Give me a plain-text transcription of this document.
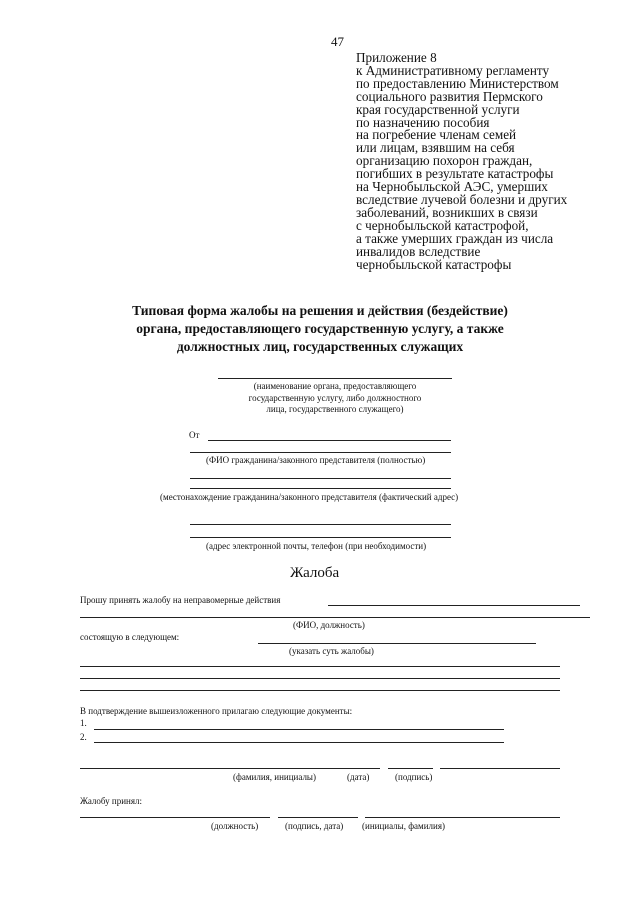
47
Приложение 8
к Административному регламенту
по предоставлению Министерством
социального развития Пермского
края государственной услуги
по назначению пособия
на погребение членам семей
или лицам, взявшим на себя
организацию похорон граждан,
погибших в результате катастрофы
на Чернобыльской АЭС, умерших
вследствие лучевой болезни и других
заболеваний, возникших в связи
с чернобыльской катастрофой,
а также умерших граждан из числа
инвалидов вследствие
чернобыльской катастрофы
Типовая форма жалобы на решения и действия (бездействие)
органа, предоставляющего государственную услугу, а также
должностных лиц, государственных служащих
(наименование органа, предоставляющего
государственную услугу, либо должностного
лица, государственного служащего)
От
(ФИО гражданина/законного представителя (полностью)
(местонахождение гражданина/законного представителя (фактический адрес)
(адрес электронной почты, телефон (при необходимости)
Жалоба
Прошу принять жалобу на неправомерные действия
(ФИО, должность)
состоящую в следующем:
(указать суть жалобы)
В подтверждение вышеизложенного прилагаю следующие документы:
1.
2.
(фамилия, инициалы)	(дата)	(подпись)
Жалобу принял:
(должность)	(подпись, дата) (инициалы, фамилия)
